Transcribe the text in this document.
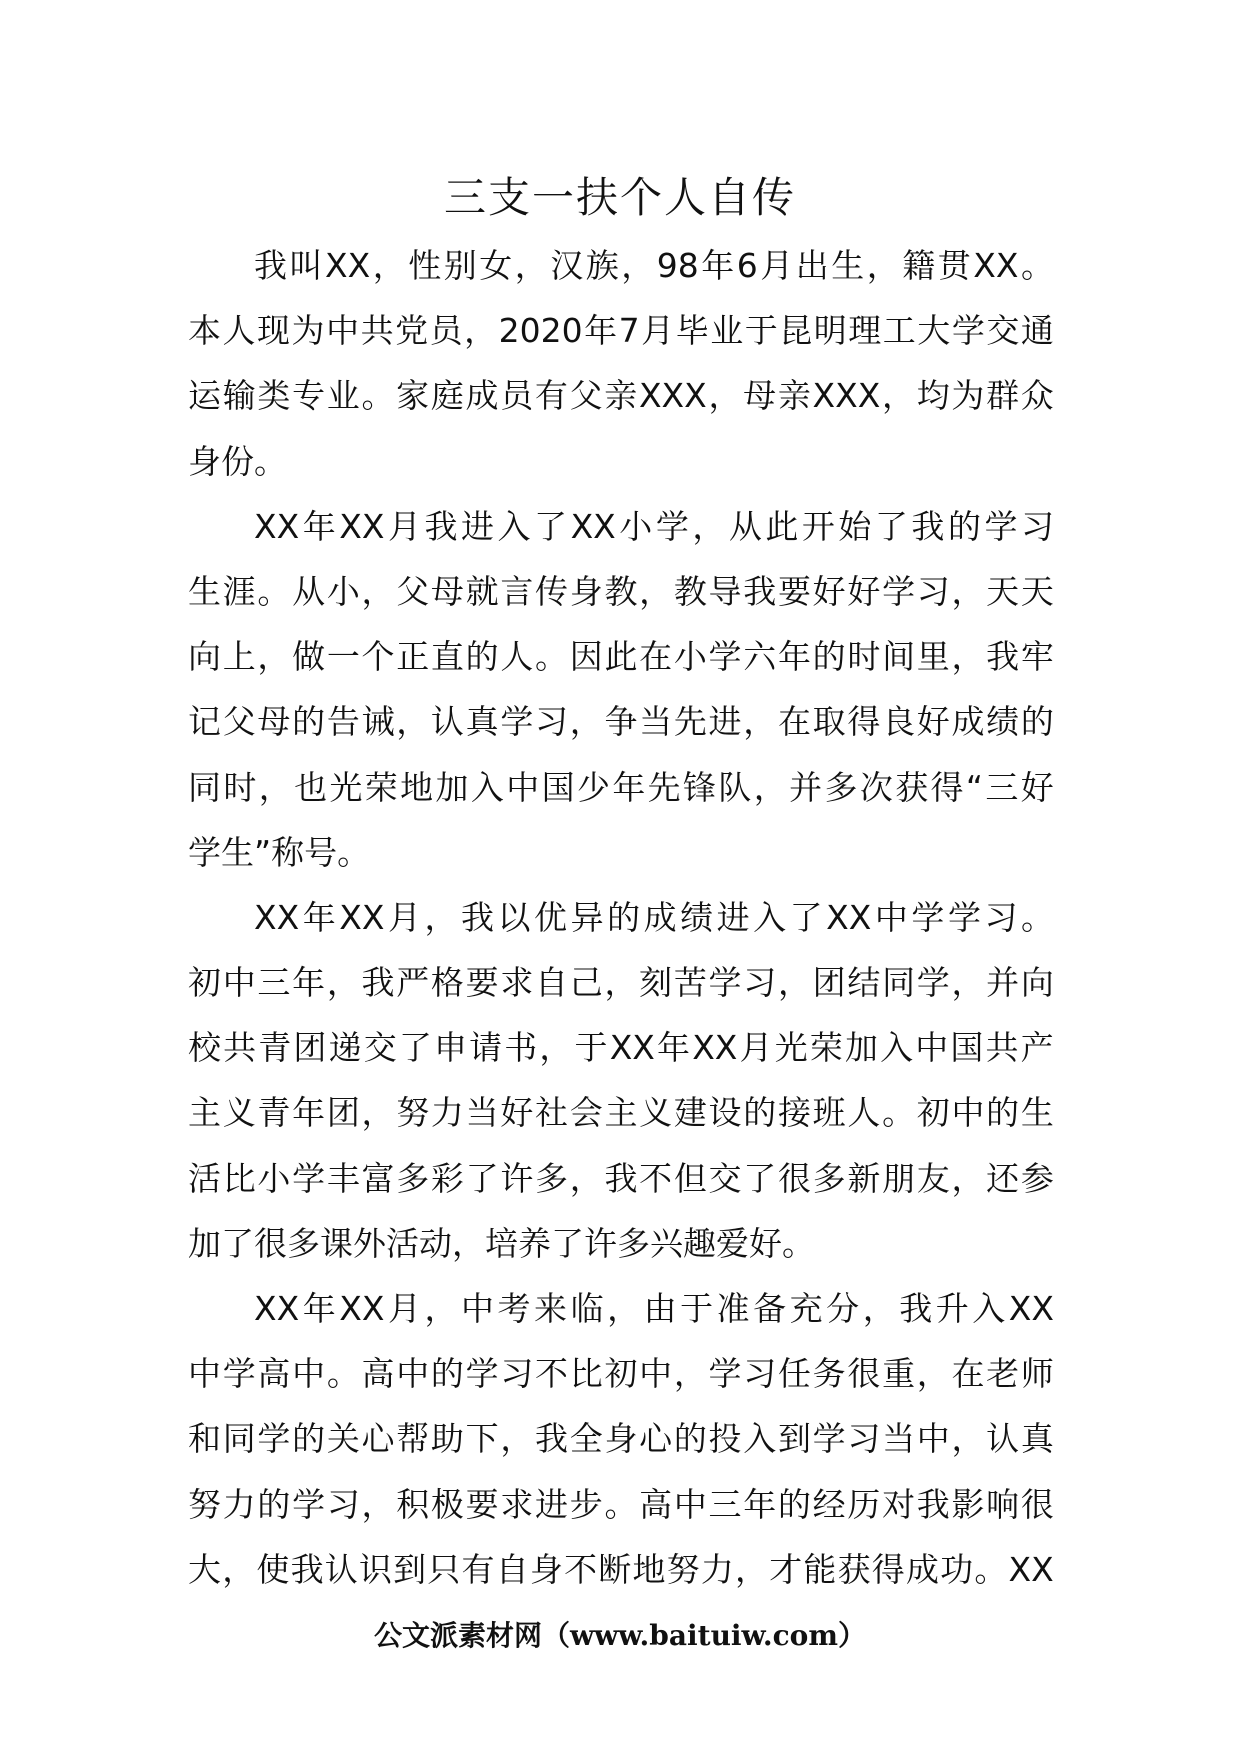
三支一扶个人自传
我 叫 XX ， 性 别 女 ， 汉 族 ， 98 年 6 月 出 生 ， 籍 贯 XX 。
本 人 现 为 中 共 党 员 ， 2020 年 7 月 毕 业 于 昆 明 理 工 大 学 交 通
运 输 类 专 业 。 家 庭 成 员 有 父 亲 XXX ， 母 亲 XXX ， 均 为 群 众
身份。
XX 年 XX 月 我 进 入 了 XX 小 学 ， 从 此 开 始 了 我 的 学 习
生 涯 。 从 小 ， 父 母 就 言 传 身 教 ， 教 导 我 要 好 好 学 习 ， 天 天
向 上 ， 做 一 个 正 直 的 人 。 因 此 在 小 学 六 年 的 时 间 里 ， 我 牢
记 父 母 的 告 诫 ， 认 真 学 习 ， 争 当 先 进 ， 在 取 得 良 好 成 绩 的
同 时 ， 也 光 荣 地 加 入 中 国 少 年 先 锋 队 ， 并 多 次 获 得 “ 三 好
学生”称号。
XX 年 XX 月 ， 我 以 优 异 的 成 绩 进 入 了 XX 中 学 学 习 。
初 中 三 年 ， 我 严 格 要 求 自 己 ， 刻 苦 学 习 ， 团 结 同 学 ， 并 向
校 共 青 团 递 交 了 申 请 书 ， 于 XX 年 XX 月 光 荣 加 入 中 国 共 产
主 义 青 年 团 ， 努 力 当 好 社 会 主 义 建 设 的 接 班 人 。 初 中 的 生
活 比 小 学 丰 富 多 彩 了 许 多 ， 我 不 但 交 了 很 多 新 朋 友 ， 还 参
加了很多课外活动，培养了许多兴趣爱好。
XX 年 XX 月 ， 中 考 来 临 ， 由 于 准 备 充 分 ， 我 升 入 XX
中 学 高 中 。 高 中 的 学 习 不 比 初 中 ， 学 习 任 务 很 重 ， 在 老 师
和 同 学 的 关 心 帮 助 下 ， 我 全 身 心 的 投 入 到 学 习 当 中 ， 认 真
努 力 的 学 习 ， 积 极 要 求 进 步 。 高 中 三 年 的 经 历 对 我 影 响 很
大 ， 使 我 认 识 到 只 有 自 身 不 断 地 努 力 ， 才 能 获 得 成 功 。 XX
公文派素材网（www.baituiw.com）
